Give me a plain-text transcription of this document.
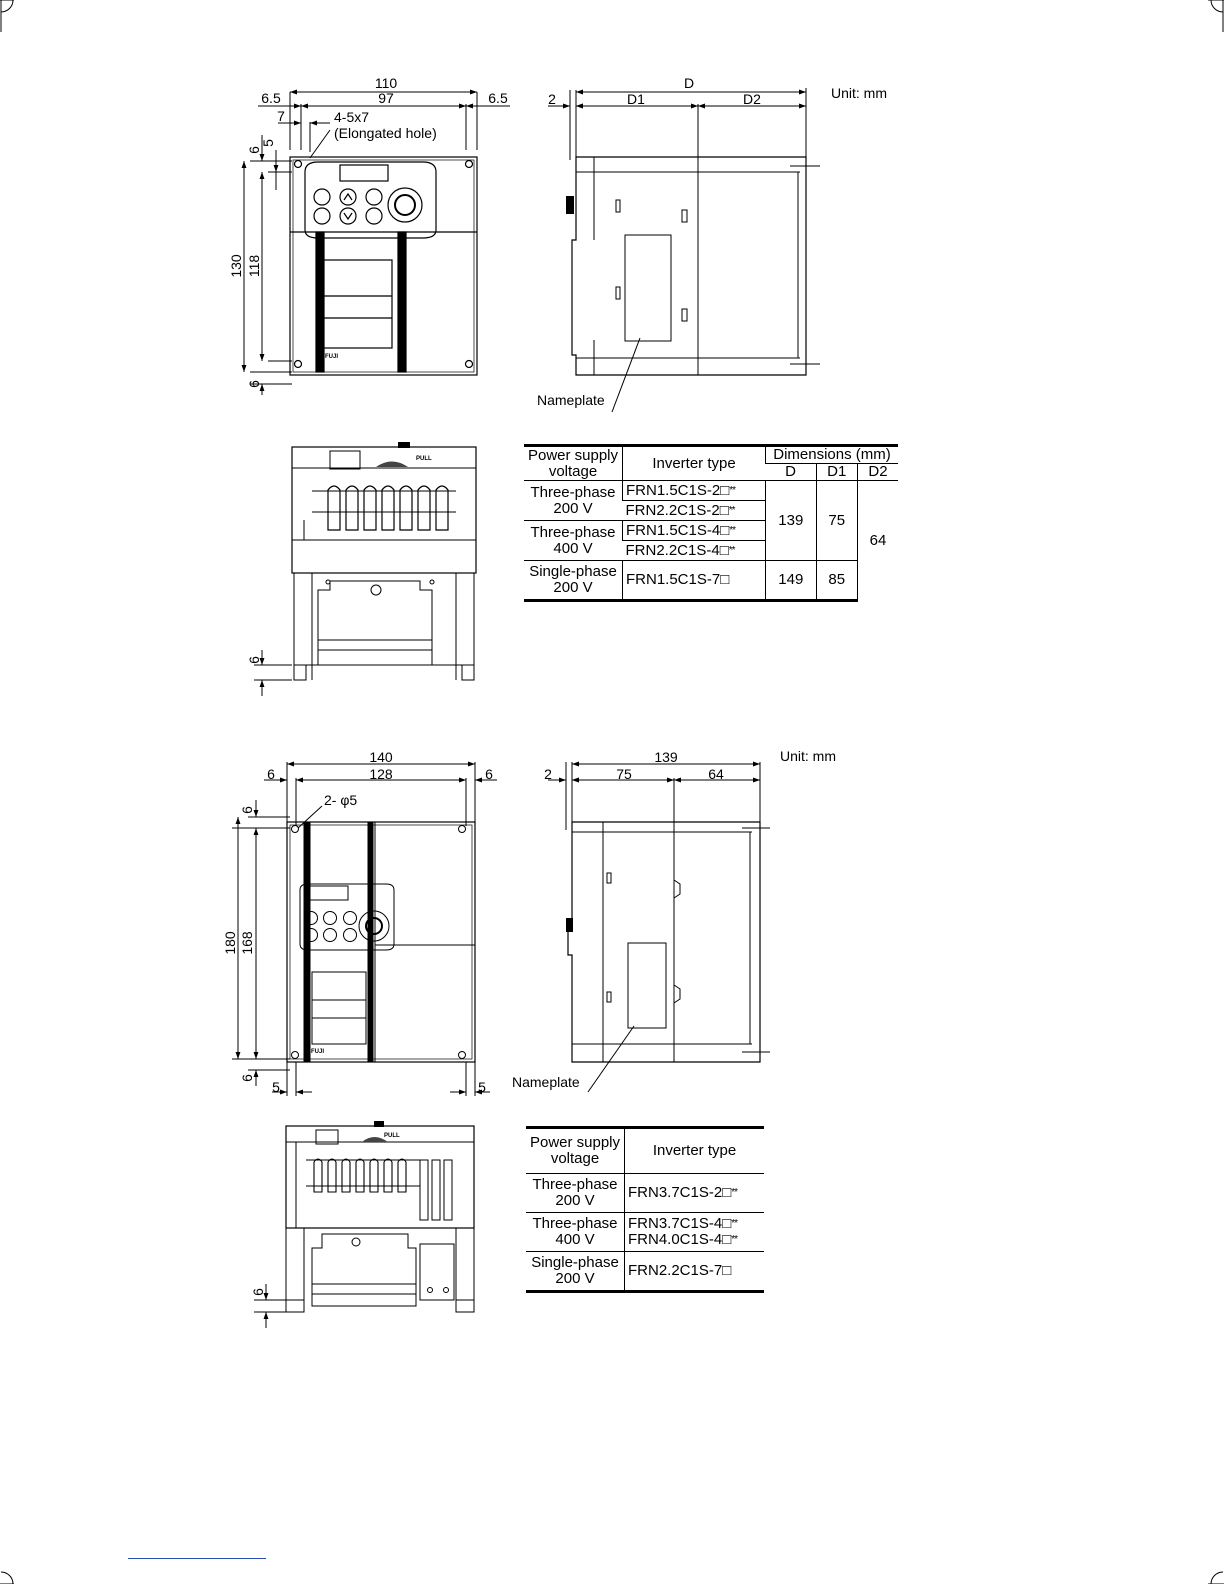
110
97
6.5	6.5
7	4-5x7
(Elongated hole)
6
5
130 118
6
FUJI
D
D1	D2
2	Unit: mm
Nameplate
PULL
6
140
128
6	6
2- φ5
6
180 168
6
5	5
FUJI
139
75	64
2
Unit: mm
Nameplate
PULL
6
Power supply voltage	Inverter type	Dimensions (mm)		
		D	D1	D2
Three-phase 200 V	FRN1.5C1S-2□**	139	75	64
	FRN2.2C1S-2□**			
Three-phase 400 V	FRN1.5C1S-4□**			
	FRN2.2C1S-4□**			
Single-phase 200 V	FRN1.5C1S-7□	149	85	
Power supply voltage	Inverter type
Three-phase 200 V	FRN3.7C1S-2□**
Three-phase 400 V	FRN3.7C1S-4□**
FRN4.0C1S-4□**
Single-phase 200 V	FRN2.2C1S-7□
